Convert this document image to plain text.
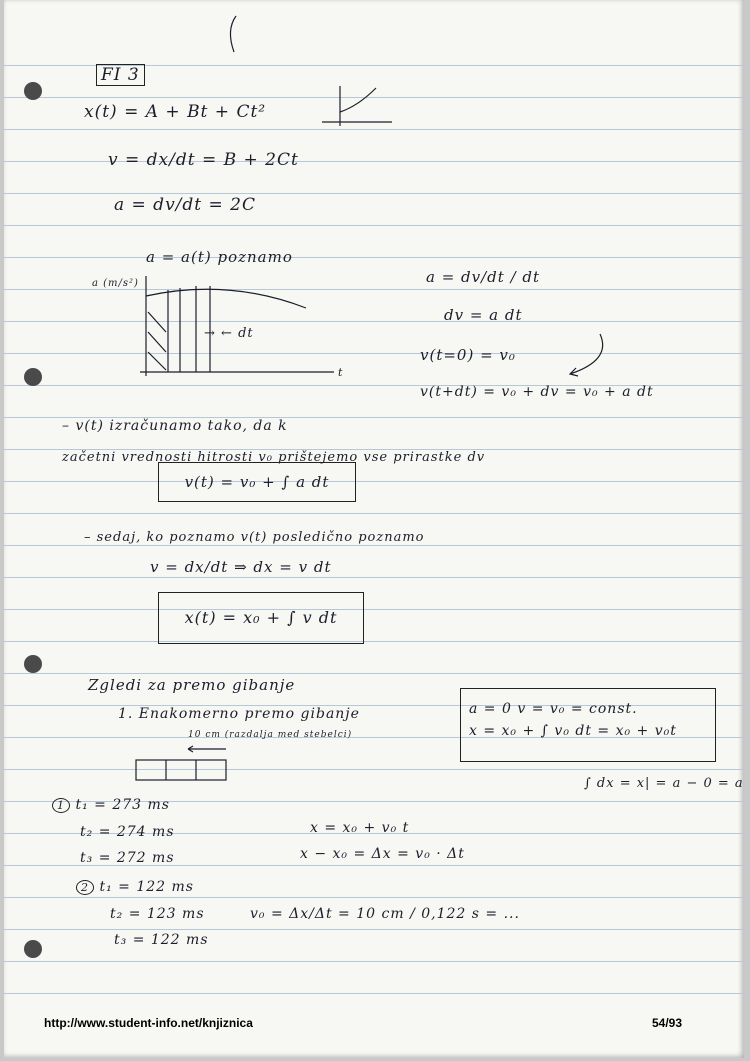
FI 3
x(t) = A + Bt + Ct²
v = dx/dt = B + 2Ct
a = dv/dt = 2C
a = a(t) poznamo
a (m/s²)
t
→ ← dt
a = dv/dt / dt
dv = a dt
v(t=0) = v₀
v(t+dt) = v₀ + dv = v₀ + a dt
– v(t) izračunamo tako, da k
začetni vrednosti hitrosti v₀ prištejemo vse prirastke dv
v(t) = v₀ + ∫ a dt
– sedaj, ko poznamo v(t) posledično poznamo
v = dx/dt ⇒ dx = v dt
x(t) = x₀ + ∫ v dt
Zgledi za premo gibanje
1. Enakomerno premo gibanje	a = 0 v = v₀ = const.
x = x₀ + ∫ v₀ dt = x₀ + v₀t
10 cm (razdalja med stebelci)
∫ dx = x| = a − 0 = a
1 t₁ = 273 ms
t₂ = 274 ms
t₃ = 272 ms
x = x₀ + v₀ t
x − x₀ = Δx = v₀ · Δt
2 t₁ = 122 ms
t₂ = 123 ms
t₃ = 122 ms
v₀ = Δx/Δt = 10 cm / 0,122 s = ...
http://www.student-info.net/knjiznica	54/93
